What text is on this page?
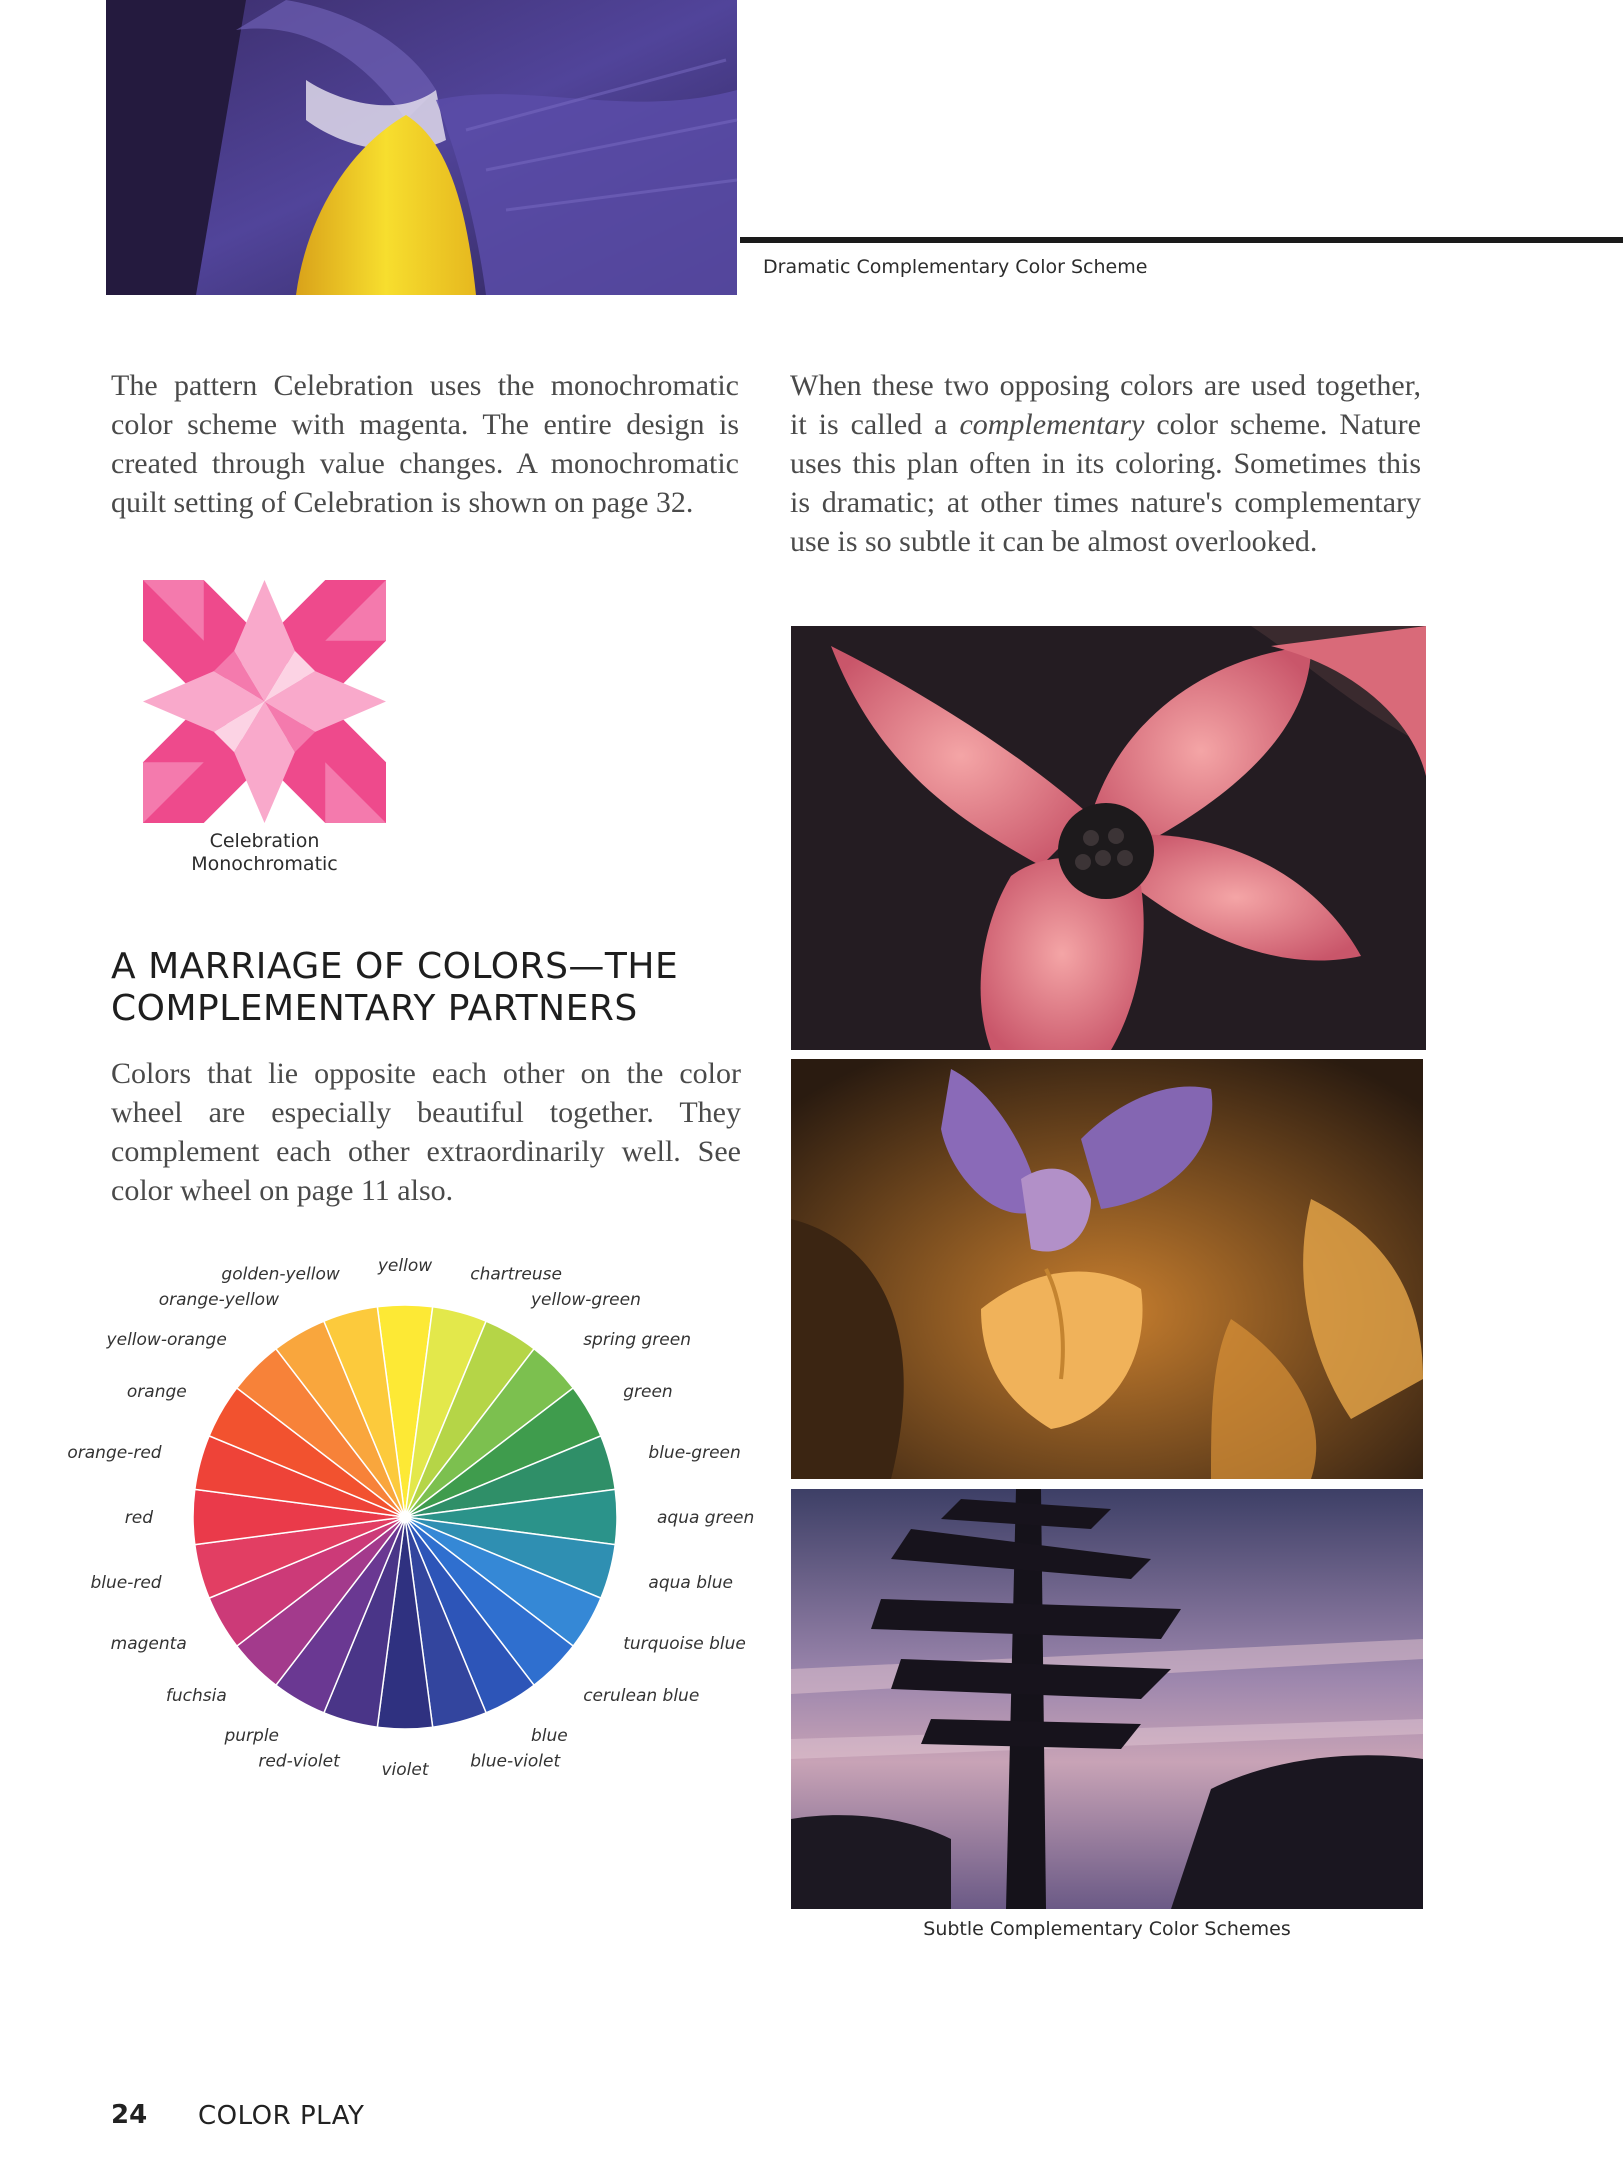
Dramatic Complementary Color Scheme

The pattern Celebration uses the monochromatic color scheme with magenta. The entire design is created through value changes. A monochromatic quilt setting of Celebration is shown on page 32.

When these two opposing colors are used together, it is called a complementary color scheme. Nature uses this plan often in its coloring. Sometimes this is dramatic; at other times nature's complementary use is so subtle it can be almost overlooked.

Celebration
Monochromatic
A MARRIAGE OF COLORS—THE
COMPLEMENTARY PARTNERS

Colors that lie opposite each other on the color wheel are especially beautiful together. They complement each other extraordinarily well. See color wheel on page 11 also.

yellow chartreuse
yellow-green
spring green
green
blue-green
aqua green
aqua blue
turquoise blue
cerulean blue
blue
blue-violet
violet
red-violet
purple
fuchsia
magenta
blue-red
red
orange-red
orange
yellow-orange
orange-yellow
golden-yellow
Subtle Complementary Color Schemes
24 COLOR PLAY
